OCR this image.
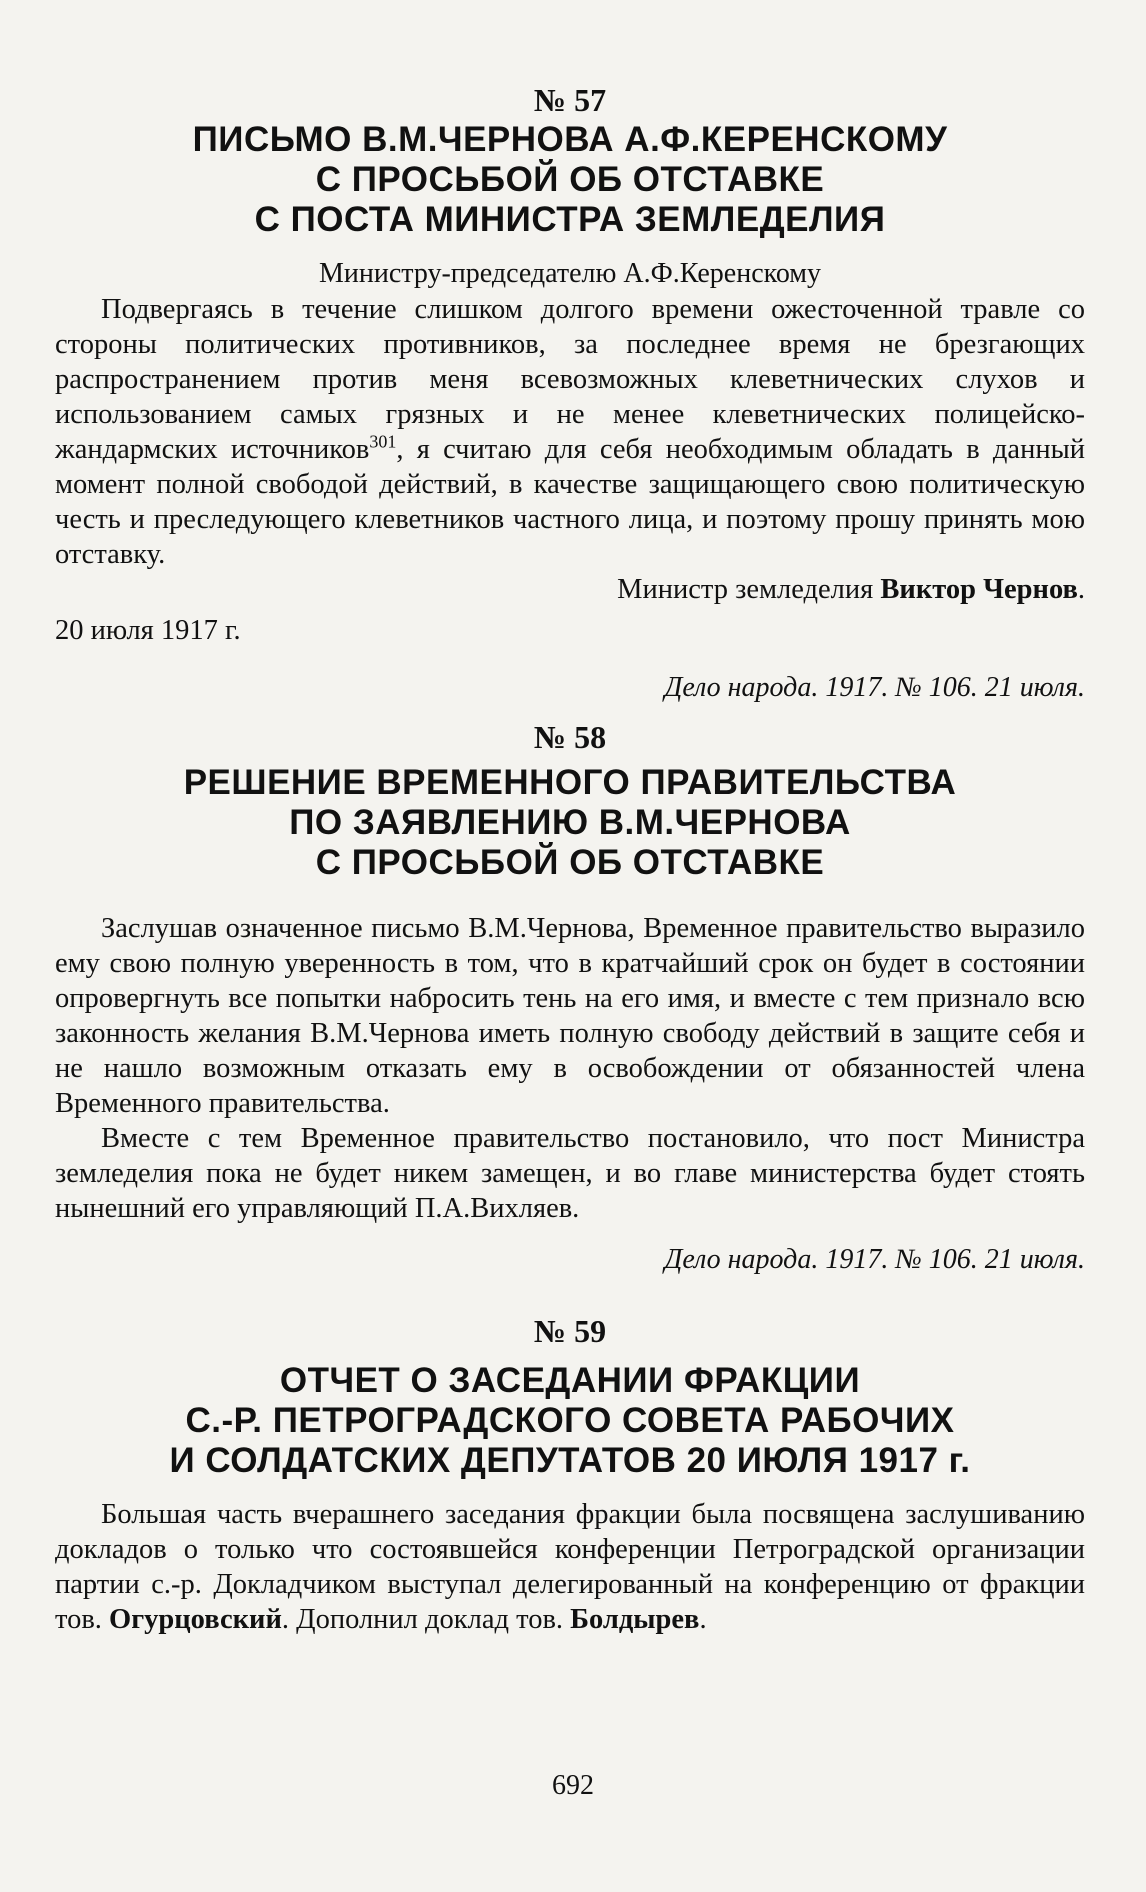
№ 57
ПИСЬМО В.М.ЧЕРНОВА А.Ф.КЕРЕНСКОМУ
С ПРОСЬБОЙ ОБ ОТСТАВКЕ
С ПОСТА МИНИСТРА ЗЕМЛЕДЕЛИЯ
Министру-председателю А.Ф.Керенскому

Подвергаясь в течение слишком долгого времени ожесточенной травле со стороны политических противников, за последнее время не брезгающих распространением против меня всевозможных клеветнических слухов и использованием самых грязных и не менее клеветнических полицейско-жандармских источников$^{301}$, я считаю для себя необходимым обладать в данный момент полной свободой действий, в качестве защищающего свою политическую честь и преследующего клеветников частного лица, и поэтому прошу принять мою отставку.

Министр земледелия Виктор Чернов.
20 июля 1917 г.
Дело народа. 1917. № 106. 21 июля.
№ 58
РЕШЕНИЕ ВРЕМЕННОГО ПРАВИТЕЛЬСТВА
ПО ЗАЯВЛЕНИЮ В.М.ЧЕРНОВА
С ПРОСЬБОЙ ОБ ОТСТАВКЕ

Заслушав означенное письмо В.М.Чернова, Временное правительство выразило ему свою полную уверенность в том, что в кратчайший срок он будет в состоянии опровергнуть все попытки набросить тень на его имя, и вместе с тем признало всю законность желания В.М.Чернова иметь полную свободу действий в защите себя и не нашло возможным отказать ему в освобождении от обязанностей члена Временного правительства.

Вместе с тем Временное правительство постановило, что пост Министра земледелия пока не будет никем замещен, и во главе министерства будет стоять нынешний его управляющий П.А.Вихляев.

Дело народа. 1917. № 106. 21 июля.
№ 59
ОТЧЕТ О ЗАСЕДАНИИ ФРАКЦИИ
С.-Р. ПЕТРОГРАДСКОГО СОВЕТА РАБОЧИХ
И СОЛДАТСКИХ ДЕПУТАТОВ 20 ИЮЛЯ 1917 г.

Большая часть вчерашнего заседания фракции была посвящена заслушиванию докладов о только что состоявшейся конференции Петроградской организации партии с.-р. Докладчиком выступал делегированный на конференцию от фракции тов. Огурцовский. Дополнил доклад тов. Болдырев.

692
